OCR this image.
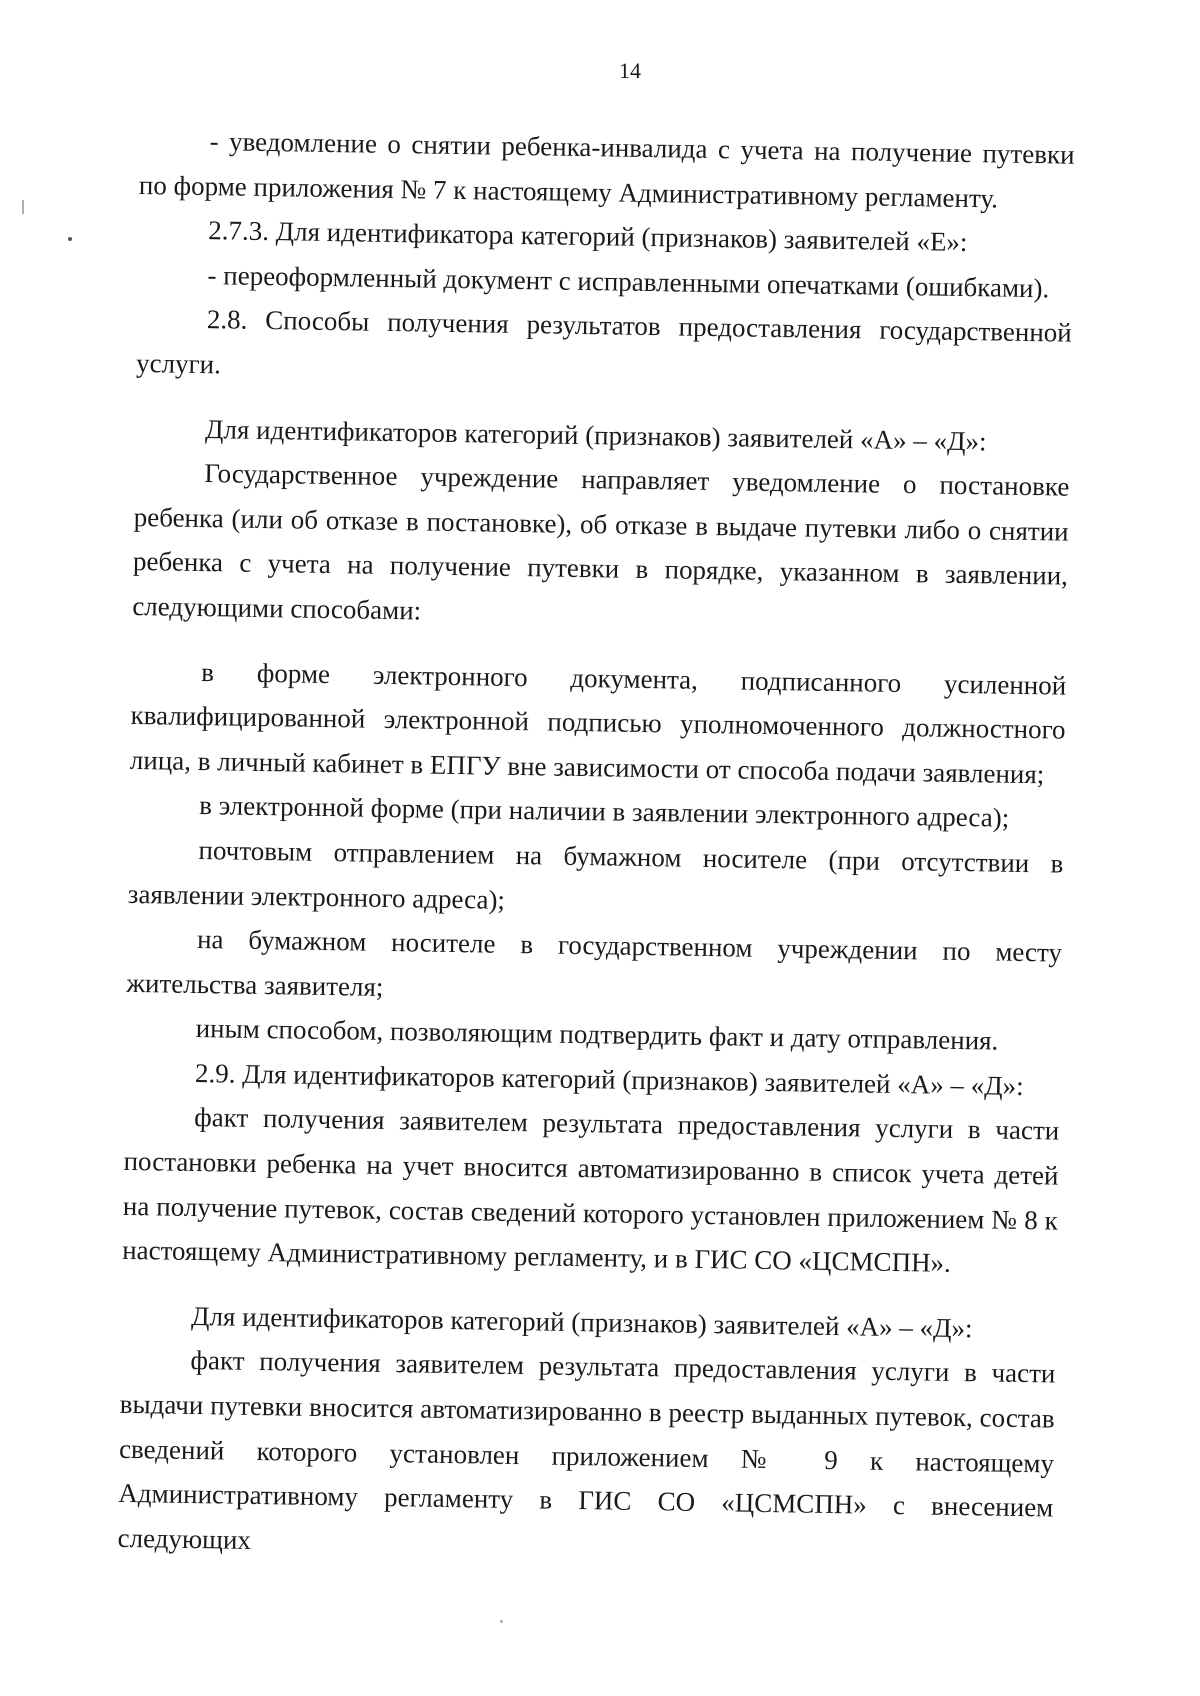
14

- уведомление о снятии ребенка-инвалида с учета на получение путевки по форме приложения № 7 к настоящему Административному регламенту.

2.7.3. Для идентификатора категорий (признаков) заявителей «Е»:

- переоформленный документ с исправленными опечатками (ошибками).

2.8. Способы получения результатов предоставления государственной услуги.

Для идентификаторов категорий (признаков) заявителей «А» – «Д»:

Государственное учреждение направляет уведомление о постановке ребенка (или об отказе в постановке), об отказе в выдаче путевки либо о снятии ребенка с учета на получение путевки в порядке, указанном в заявлении, следующими способами:

в форме электронного документа, подписанного усиленной квалифицированной электронной подписью уполномоченного должностного лица, в личный кабинет в ЕПГУ вне зависимости от способа подачи заявления;

в электронной форме (при наличии в заявлении электронного адреса);

почтовым отправлением на бумажном носителе (при отсутствии в заявлении электронного адреса);

на бумажном носителе в государственном учреждении по месту жительства заявителя;

иным способом, позволяющим подтвердить факт и дату отправления.

2.9. Для идентификаторов категорий (признаков) заявителей «А» – «Д»:

факт получения заявителем результата предоставления услуги в части постановки ребенка на учет вносится автоматизированно в список учета детей на получение путевок, состав сведений которого установлен приложением № 8 к настоящему Административному регламенту, и в ГИС СО «ЦСМСПН».

Для идентификаторов категорий (признаков) заявителей «А» – «Д»:

факт получения заявителем результата предоставления услуги в части выдачи путевки вносится автоматизированно в реестр выданных путевок, состав сведений которого установлен приложением № 9 к настоящему Административному регламенту в ГИС СО «ЦСМСПН» с внесением следующих
